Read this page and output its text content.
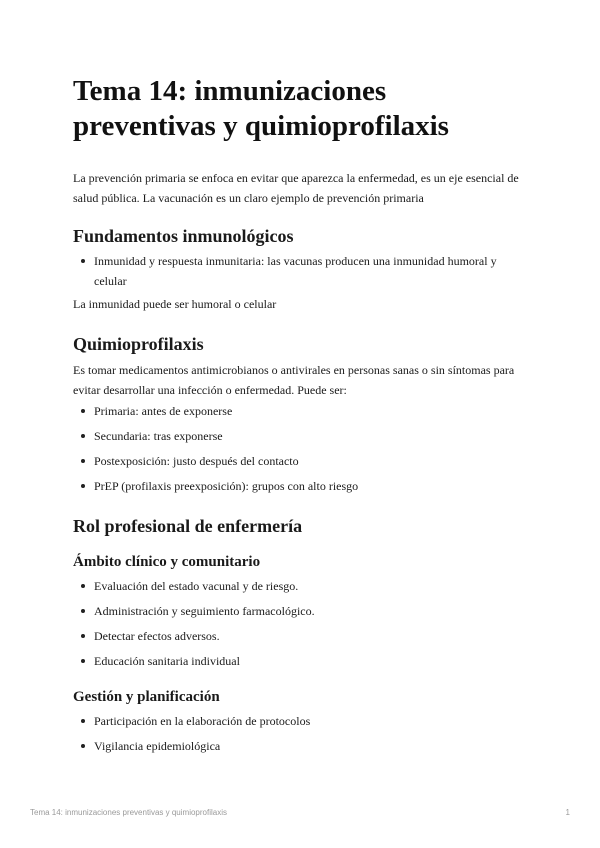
Tema 14: inmunizaciones preventivas y quimioprofilaxis

La prevención primaria se enfoca en evitar que aparezca la enfermedad, es un eje esencial de salud pública. La vacunación es un claro ejemplo de prevención primaria

Fundamentos inmunológicos
Inmunidad y respuesta inmunitaria: las vacunas producen una inmunidad humoral y celular

La inmunidad puede ser humoral o celular

Quimioprofilaxis

Es tomar medicamentos antimicrobianos o antivirales en personas sanas o sin síntomas para evitar desarrollar una infección o enfermedad. Puede ser:

Primaria: antes de exponerse
Secundaria: tras exponerse
Postexposición: justo después del contacto
PrEP (profilaxis preexposición): grupos con alto riesgo
Rol profesional de enfermería
Ámbito clínico y comunitario
Evaluación del estado vacunal y de riesgo.
Administración y seguimiento farmacológico.
Detectar efectos adversos.
Educación sanitaria individual
Gestión y planificación
Participación en la elaboración de protocolos
Vigilancia epidemiológica
Tema 14: inmunizaciones preventivas y quimioprofilaxis	1
